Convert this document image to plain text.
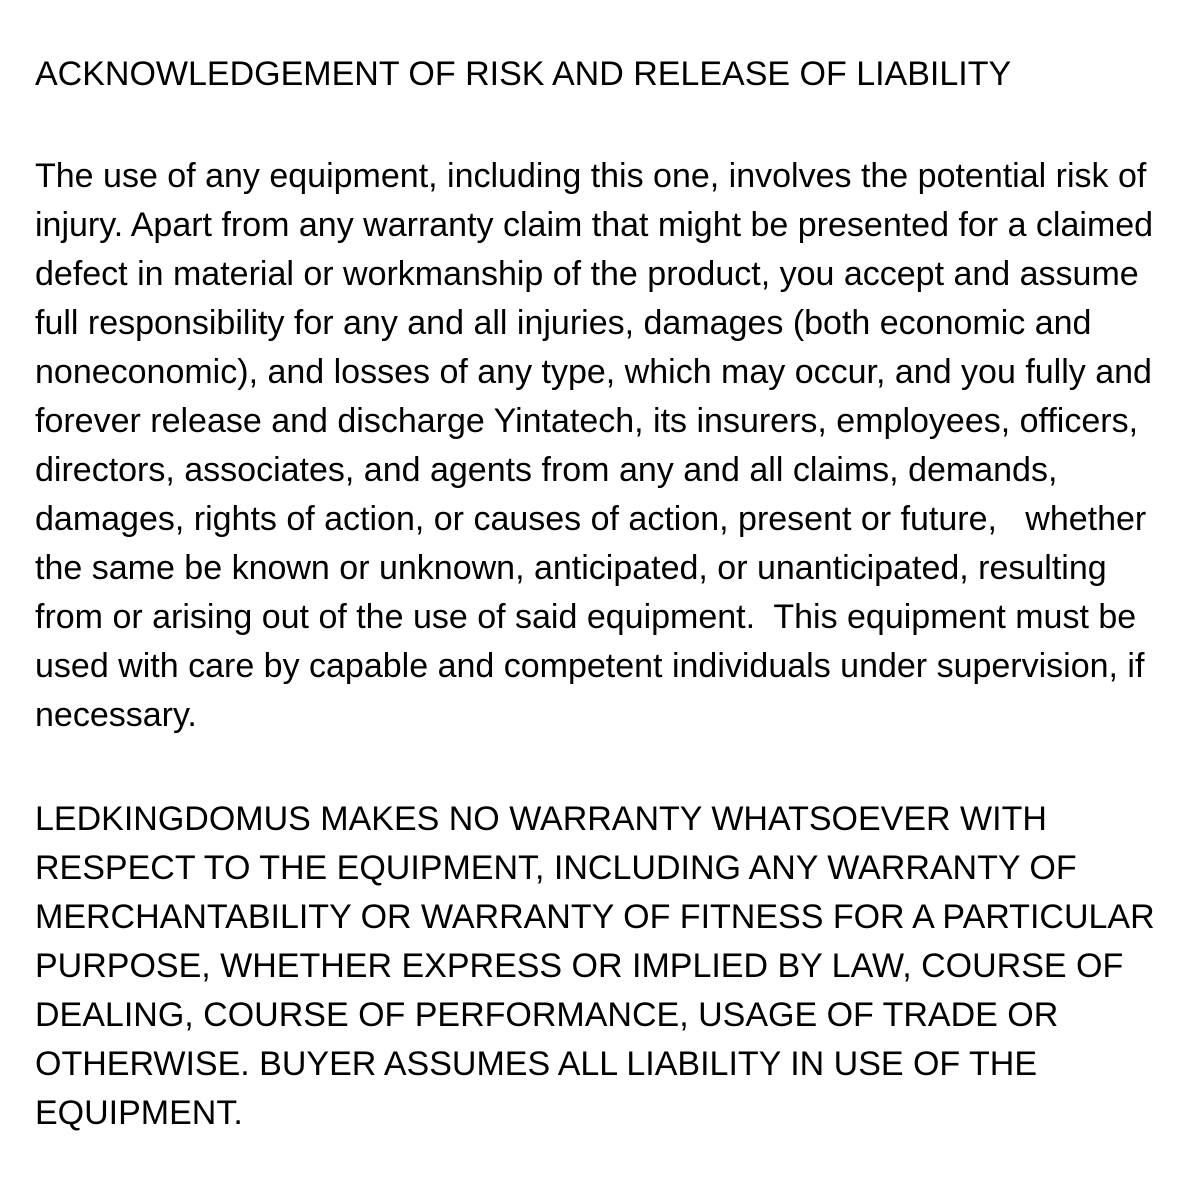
ACKNOWLEDGEMENT OF RISK AND RELEASE OF LIABILITY
The use of any equipment, including this one, involves the potential risk of
injury. Apart from any warranty claim that might be presented for a claimed
defect in material or workmanship of the product, you accept and assume
full responsibility for any and all injuries, damages (both economic and
noneconomic), and losses of any type, which may occur, and you fully and
forever release and discharge Yintatech, its insurers, employees, officers,
directors, associates, and agents from any and all claims, demands,
damages, rights of action, or causes of action, present or future,   whether
the same be known or unknown, anticipated, or unanticipated, resulting
from or arising out of the use of said equipment.  This equipment must be
used with care by capable and competent individuals under supervision, if
necessary.
LEDKINGDOMUS MAKES NO WARRANTY WHATSOEVER WITH
RESPECT TO THE EQUIPMENT, INCLUDING ANY WARRANTY OF
MERCHANTABILITY OR WARRANTY OF FITNESS FOR A PARTICULAR
PURPOSE, WHETHER EXPRESS OR IMPLIED BY LAW, COURSE OF
DEALING, COURSE OF PERFORMANCE, USAGE OF TRADE OR
OTHERWISE. BUYER ASSUMES ALL LIABILITY IN USE OF THE
EQUIPMENT.
